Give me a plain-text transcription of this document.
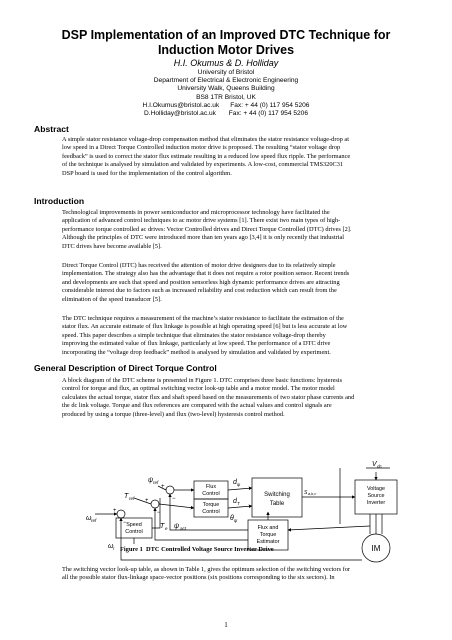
DSP Implementation of an Improved DTC Technique for
Induction Motor Drives
H.I. Okumus & D. Holliday
University of Bristol
Department of Electrical & Electronic Engineering
University Walk, Queens Building
BS8 1TR Bristol, UK
H.I.Okumus@bristol.ac.uk      Fax: + 44 (0) 117 954 5206
D.Holliday@bristol.ac.uk       Fax: + 44 (0) 117 954 5206
Abstract
A simple stator resistance voltage-drop compensation method that eliminates the stator resistance voltage-drop at
low speed in a Direct Torque Controlled induction motor drive is proposed. The resulting “stator voltage drop
feedback” is used to correct the stator flux estimate resulting in a reduced low speed flux ripple. The performance
of the technique is analysed by simulation and validated by experiments. A low-cost, commercial TMS320C31
DSP board is used for the implementation of the control algorithm.
Introduction
Technological improvements in power semiconductor and microprocessor technology have facilitated the
application of advanced control techniques to ac motor drive systems [1]. There exist two main types of high-
performance torque controlled ac drives: Vector Controlled drives and Direct Torque Controlled (DTC) drives [2].
Although the principles of DTC were introduced more than ten years ago [3,4] it is only recently that industrial
DTC drives have become available [5].
Direct Torque Control (DTC) has received the attention of motor drive designers due to its relatively simple
implementation. The strategy also has the advantage that it does not require a rotor position sensor. Recent trends
and developments are such that speed and position sensorless high dynamic performance drives are attracting
considerable interest due to factors such as increased reliability and cost reduction which can result from the
elimination of the speed transducer [5].
The DTC technique requires a measurement of the machine’s stator resistance to facilitate the estimation of the
stator flux. An accurate estimate of flux linkage is possible at high operating speed [6] but is less accurate at low
speed. This paper describes a simple technique that eliminates the stator resistance voltage-drop thereby
improving the estimated value of flux linkage, particularly at low speed. The performance of a DTC drive
incorporating the “voltage drop feedback” method is analysed by simulation and validated by experiment.
General Description of Direct Torque Control
A block diagram of the DTC scheme is presented in Figure 1. DTC comprises three basic functions: hysteresis
control for torque and flux, an optimal switching vector look-up table and a motor model. The motor model
calculates the actual torque, stator flux and shaft speed based on the measurements of two stator phase currents and
the dc link voltage. Torque and flux references are compared with the actual values and control signals are
produced by using a torque (three-level) and flux (two-level) hysteresis control method.
Flux
Control
Torque
Control
Switching
Table
Voltage
Source
Inverter
Speed
Control
Flux and
Torque
Estimator
IM
ψ ref
T ref
T e ψ act
d ψ
d T
θ ψ
S a,b,c
V dc
ω ref
ω r
+
+
+
−
−
−
Figure 1 DTC Controlled Voltage Source Inverter Drive
The switching vector look-up table, as shown in Table 1, gives the optimum selection of the switching vectors for
all the possible stator flux-linkage space-vector positions (six positions corresponding to the six sectors). In
1
